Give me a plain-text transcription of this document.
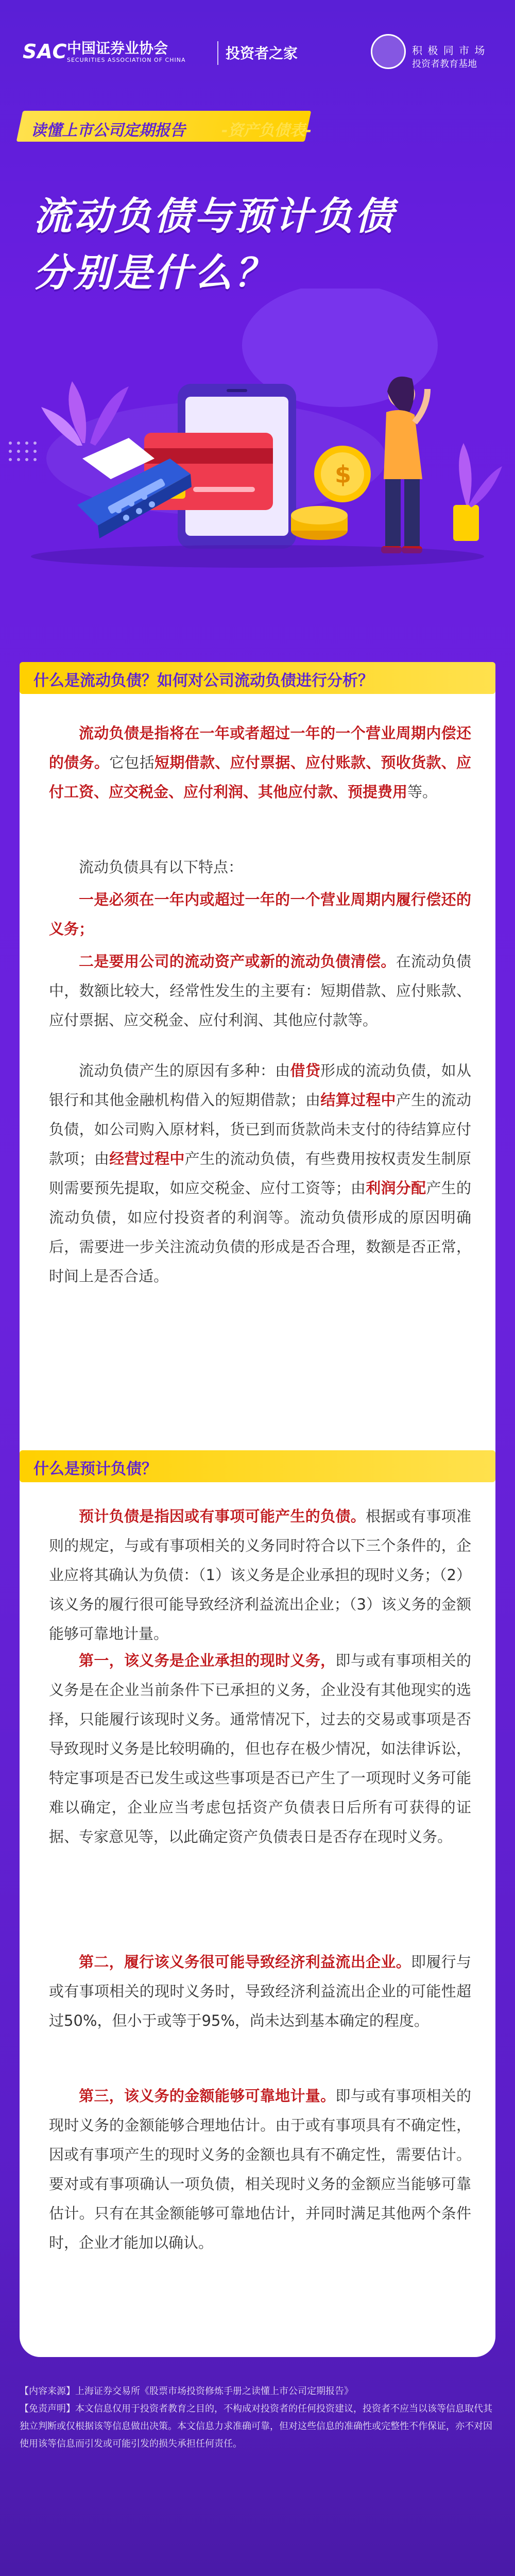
SAC 中国证券业协会
SECURITIES ASSOCIATION OF CHINA	投资者之家	积 极 同 市 场
投资者教育基地
读懂上市公司定期报告 -资产负债表-
流动负债与预计负债
分别是什么？
$
什么是流动负债？如何对公司流动负债进行分析？
流动负债是指将在一年或者超过一年的一个营业周期内偿还的债务。它包括短期借款、应付票据、应付账款、预收货款、应付工资、应交税金、应付利润、其他应付款、预提费用等。
流动负债具有以下特点：
一是必须在一年内或超过一年的一个营业周期内履行偿还的义务；
二是要用公司的流动资产或新的流动负债清偿。在流动负债中，数额比较大，经常性发生的主要有：短期借款、应付账款、应付票据、应交税金、应付利润、其他应付款等。
流动负债产生的原因有多种：由借贷形成的流动负债，如从银行和其他金融机构借入的短期借款；由结算过程中产生的流动负债，如公司购入原材料，货已到而货款尚未支付的待结算应付款项；由经营过程中产生的流动负债，有些费用按权责发生制原则需要预先提取，如应交税金、应付工资等；由利润分配产生的流动负债，如应付投资者的利润等。流动负债形成的原因明确后，需要进一步关注流动负债的形成是否合理，数额是否正常，时间上是否合适。
什么是预计负债？
预计负债是指因或有事项可能产生的负债。根据或有事项准则的规定，与或有事项相关的义务同时符合以下三个条件的，企业应将其确认为负债：（1）该义务是企业承担的现时义务；（2）该义务的履行很可能导致经济利益流出企业；（3）该义务的金额能够可靠地计量。
第一，该义务是企业承担的现时义务，即与或有事项相关的义务是在企业当前条件下已承担的义务，企业没有其他现实的选择，只能履行该现时义务。通常情况下，过去的交易或事项是否导致现时义务是比较明确的，但也存在极少情况，如法律诉讼，特定事项是否已发生或这些事项是否已产生了一项现时义务可能难以确定，企业应当考虑包括资产负债表日后所有可获得的证据、专家意见等，以此确定资产负债表日是否存在现时义务。
第二，履行该义务很可能导致经济利益流出企业。即履行与或有事项相关的现时义务时，导致经济利益流出企业的可能性超过50%，但小于或等于95%，尚未达到基本确定的程度。
第三，该义务的金额能够可靠地计量。即与或有事项相关的现时义务的金额能够合理地估计。由于或有事项具有不确定性，因或有事项产生的现时义务的金额也具有不确定性，需要估计。要对或有事项确认一项负债，相关现时义务的金额应当能够可靠估计。只有在其金额能够可靠地估计，并同时满足其他两个条件时，企业才能加以确认。
【内容来源】上海证券交易所《股票市场投资修炼手册之读懂上市公司定期报告》
【免责声明】本文信息仅用于投资者教育之目的，不构成对投资者的任何投资建议，投资者不应当以该等信息取代其独立判断或仅根据该等信息做出决策。本文信息力求准确可靠，但对这些信息的准确性或完整性不作保证，亦不对因使用该等信息而引发或可能引发的损失承担任何责任。
